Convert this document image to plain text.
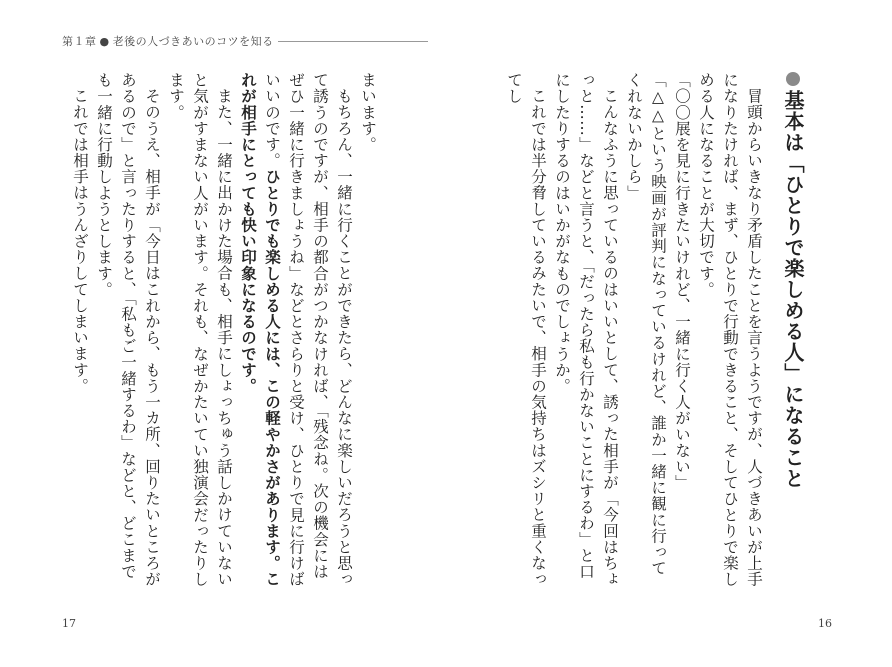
第１章 ● 老後の人づきあいのコツを知る
基本は「ひとりで楽しめる人」になること

冒頭からいきなり矛盾したことを言うようですが、人づきあいが上手になりたければ、まず、ひとりで行動できること、そしてひとりで楽しめる人になることが大切です。

「〇〇展を見に行きたいけれど、一緒に行く人がいない」

「△△という映画が評判になっているけれど、誰か一緒に観に行ってくれないかしら」

こんなふうに思っているのはいいとして、誘った相手が「今回はちょっと……」などと言うと、「だったら私も行かないことにするわ」と口にしたりするのはいかがなものでしょうか。

これでは半分脅しているみたいで、相手の気持ちはズシリと重くなってし

まいます。

もちろん、一緒に行くことができたら、どんなに楽しいだろうと思って誘うのですが、相手の都合がつかなければ、「残念ね。次の機会にはぜひ一緒に行きましょうね」などとさらりと受け、ひとりで見に行けばいいのです。ひとりでも楽しめる人には、この軽やかさがあります。これが相手にとっても快い印象になるのです。

また、一緒に出かけた場合も、相手にしょっちゅう話しかけていないと気がすまない人がいます。それも、なぜかたいてい独演会だったりします。

そのうえ、相手が「今日はこれから、もう一カ所、回りたいところがあるので」と言ったりすると、「私もご一緒するわ」などと、どこまでも一緒に行動しようとします。

これでは相手はうんざりしてしまいます。

17	16
